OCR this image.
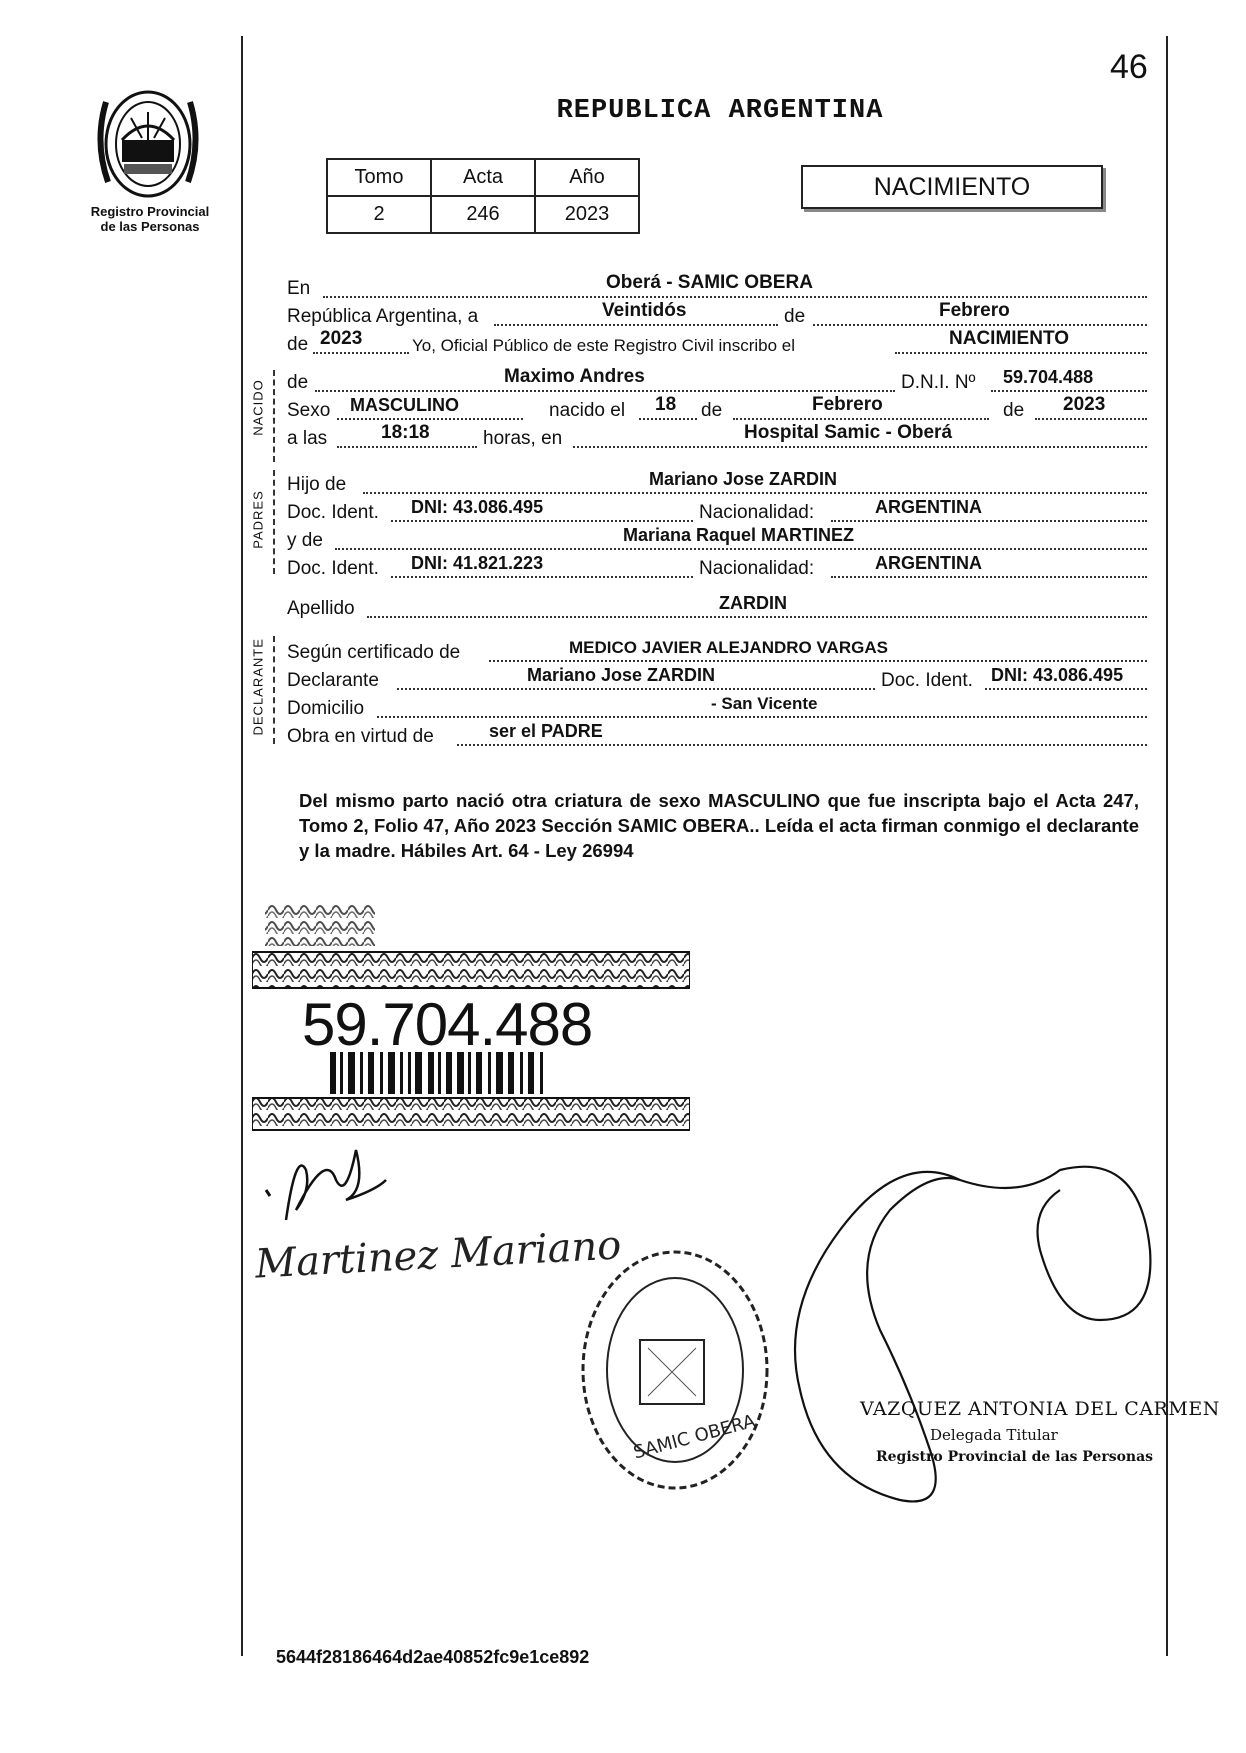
46
Registro Provincial
de las Personas
REPUBLICA ARGENTINA
Tomo	Acta	Año
2	246	2023
NACIMIENTO
NACIDO
PADRES
DECLARANTE
En	Oberá - SAMIC OBERA
República Argentina, a	Veintidós	de	Febrero
de 2023	Yo, Oficial Público de este Registro Civil inscribo el	NACIMIENTO
de	Maximo Andres	D.N.I. Nº 59.704.488
Sexo MASCULINO	nacido el 18 de	Febrero	de 2023
a las	18:18	horas, en	Hospital Samic - Oberá
Hijo de	Mariano Jose ZARDIN
Doc. Ident. DNI: 43.086.495	Nacionalidad:	ARGENTINA
y de	Mariana Raquel MARTINEZ
Doc. Ident. DNI: 41.821.223	Nacionalidad:	ARGENTINA
Apellido	ZARDIN
Según certificado de	MEDICO JAVIER ALEJANDRO VARGAS
Declarante	Mariano Jose ZARDIN	Doc. Ident. DNI: 43.086.495
Domicilio	- San Vicente
Obra en virtud de	ser el PADRE
Del mismo parto nació otra criatura de sexo MASCULINO que fue inscripta bajo el Acta 247, Tomo 2, Folio 47, Año 2023 Sección SAMIC OBERA.. Leída el acta firman conmigo el declarante y la madre. Hábiles Art. 64 - Ley 26994
59.704.488
Martinez Mariano
SAMIC OBERA
VAZQUEZ ANTONIA DEL CARMEN
Delegada Titular
Registro Provincial de las Personas
5644f28186464d2ae40852fc9e1ce892
